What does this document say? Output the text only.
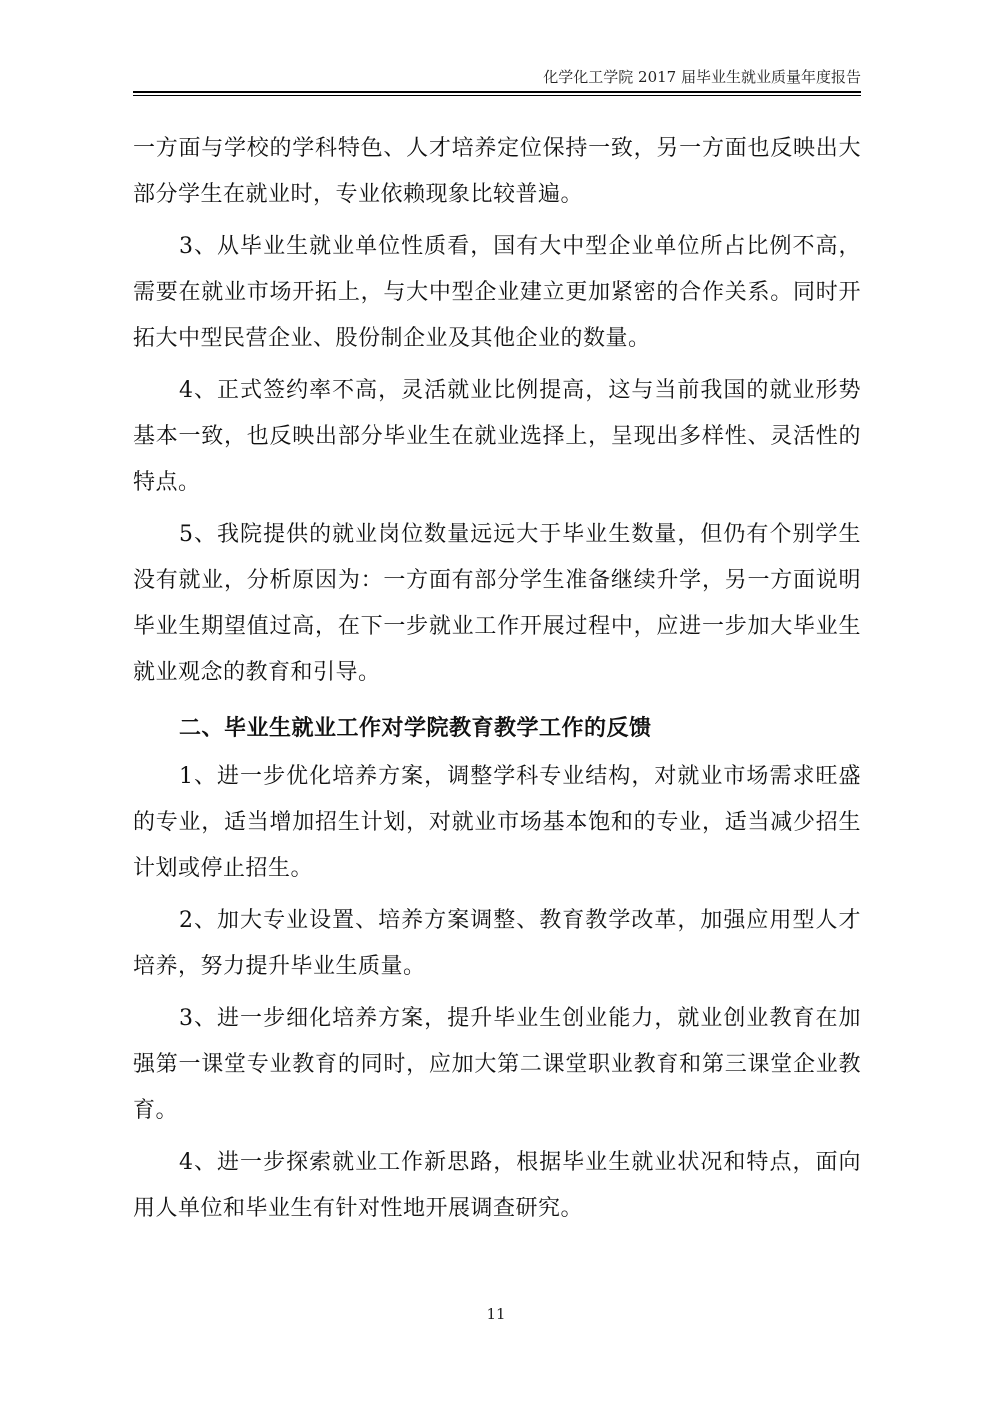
化学化工学院 2017 届毕业生就业质量年度报告

一方面与学校的学科特色、人才培养定位保持一致，另一方面也反映出大部分学生在就业时，专业依赖现象比较普遍。

3、从毕业生就业单位性质看，国有大中型企业单位所占比例不高，需要在就业市场开拓上，与大中型企业建立更加紧密的合作关系。同时开拓大中型民营企业、股份制企业及其他企业的数量。

4、正式签约率不高，灵活就业比例提高，这与当前我国的就业形势基本一致，也反映出部分毕业生在就业选择上，呈现出多样性、灵活性的特点。

5、我院提供的就业岗位数量远远大于毕业生数量，但仍有个别学生没有就业，分析原因为：一方面有部分学生准备继续升学，另一方面说明毕业生期望值过高，在下一步就业工作开展过程中，应进一步加大毕业生就业观念的教育和引导。

二、毕业生就业工作对学院教育教学工作的反馈

1、进一步优化培养方案，调整学科专业结构，对就业市场需求旺盛的专业，适当增加招生计划，对就业市场基本饱和的专业，适当减少招生计划或停止招生。

2、加大专业设置、培养方案调整、教育教学改革，加强应用型人才培养，努力提升毕业生质量。

3、进一步细化培养方案，提升毕业生创业能力，就业创业教育在加强第一课堂专业教育的同时，应加大第二课堂职业教育和第三课堂企业教育。

4、进一步探索就业工作新思路，根据毕业生就业状况和特点，面向用人单位和毕业生有针对性地开展调查研究。

11
